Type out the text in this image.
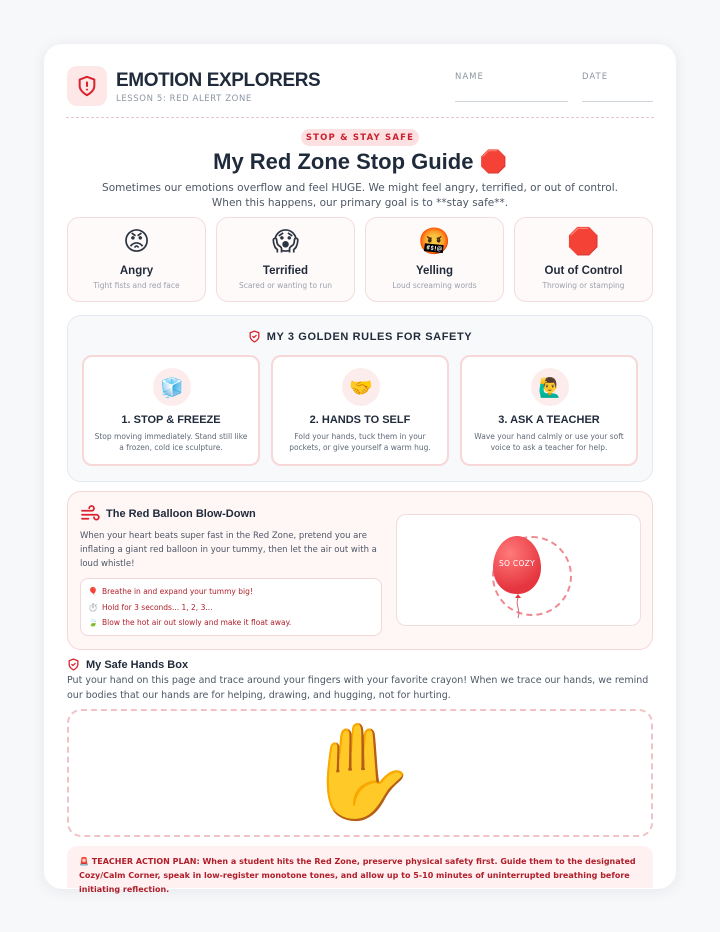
EMOTION EXPLORERS
LESSON 5: RED ALERT ZONE
NAME	DATE
STOP & STAY SAFE
My Red Zone Stop Guide 🛑
Sometimes our emotions overflow and feel HUGE. We might feel angry, terrified, or out of control.
When this happens, our primary goal is to **stay safe**.
😡
Angry
Tight fists and red face
😱
Terrified
Scared or wanting to run
🤬
Yelling
Loud screaming words
🛑
Out of Control
Throwing or stamping
MY 3 GOLDEN RULES FOR SAFETY
🧊
1. STOP & FREEZE
Stop moving immediately. Stand still like a frozen, cold ice sculpture.
🤝
2. HANDS TO SELF
Fold your hands, tuck them in your pockets, or give yourself a warm hug.
🙋‍♂️
3. ASK A TEACHER
Wave your hand calmly or use your soft voice to ask a teacher for help.
The Red Balloon Blow-Down
When your heart beats super fast in the Red Zone, pretend you are inflating a giant red balloon in your tummy, then let the air out with a loud whistle!
🎈 Breathe in and expand your tummy big!
⏱️ Hold for 3 seconds... 1, 2, 3...
🍃 Blow the hot air out slowly and make it float away.
SO COZY
My Safe Hands Box
Put your hand on this page and trace around your fingers with your favorite crayon! When we trace our hands, we remind our bodies that our hands are for helping, drawing, and hugging, not for hurting.
✋
🚨 TEACHER ACTION PLAN: When a student hits the Red Zone, preserve physical safety first. Guide them to the designated Cozy/Calm Corner, speak in low-register monotone tones, and allow up to 5-10 minutes of uninterrupted breathing before initiating reflection.
